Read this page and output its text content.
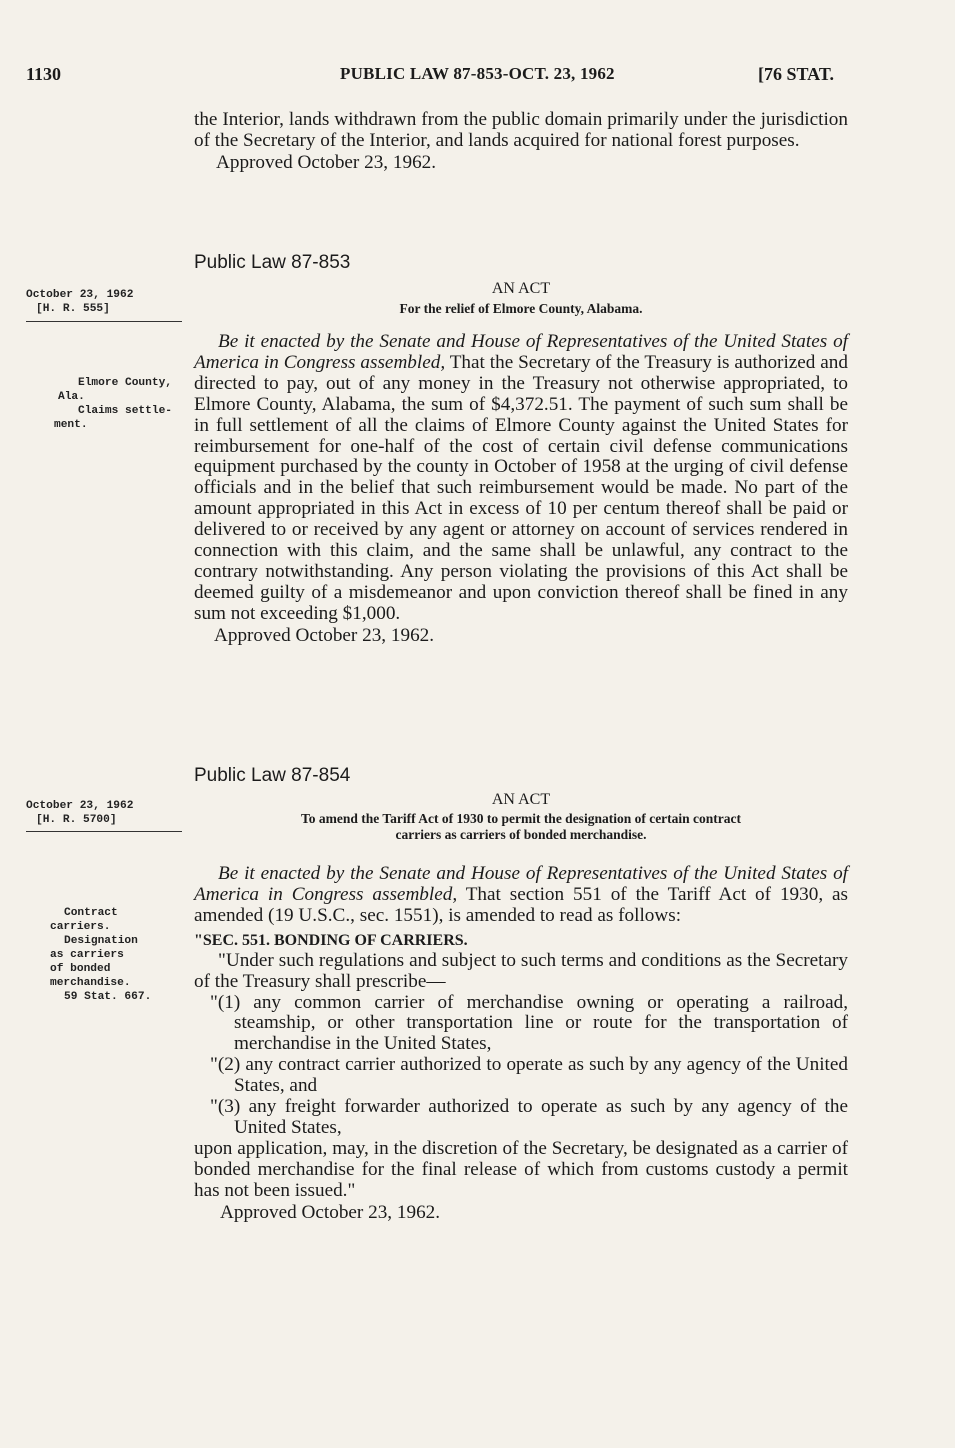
1130	PUBLIC LAW 87-853-OCT. 23, 1962	[76 STAT.

the Interior, lands withdrawn from the public domain primarily under the jurisdiction of the Secretary of the Interior, and lands acquired for national forest purposes.

Approved October 23, 1962.

October 23, 1962
[H. R. 555]

Public Law 87-853

AN ACT

For the relief of Elmore County, Alabama.

Be it enacted by the Senate and House of Representatives of the United States of America in Congress assembled, That the Secretary of the Treasury is authorized and directed to pay, out of any money in the Treasury not otherwise appropriated, to Elmore County, Alabama, the sum of $4,372.51. The payment of such sum shall be in full settlement of all the claims of Elmore County against the United States for reimbursement for one-half of the cost of certain civil defense communications equipment purchased by the county in October of 1958 at the urging of civil defense officials and in the belief that such reimbursement would be made. No part of the amount appropriated in this Act in excess of 10 per centum thereof shall be paid or delivered to or received by any agent or attorney on account of services rendered in connection with this claim, and the same shall be unlawful, any contract to the contrary notwithstanding. Any person violating the provisions of this Act shall be deemed guilty of a misdemeanor and upon conviction thereof shall be fined in any sum not exceeding $1,000.

Approved October 23, 1962.

Elmore County,
Ala.
Claims settle-
ment.
October 23, 1962
[H. R. 5700]

Public Law 87-854

AN ACT

To amend the Tariff Act of 1930 to permit the designation of certain contract

carriers as carriers of bonded merchandise.

Be it enacted by the Senate and House of Representatives of the United States of America in Congress assembled, That section 551 of the Tariff Act of 1930, as amended (19 U.S.C., sec. 1551), is amended to read as follows:

"SEC. 551. BONDING OF CARRIERS.

"Under such regulations and subject to such terms and conditions as the Secretary of the Treasury shall prescribe—

"(1) any common carrier of merchandise owning or operating a railroad, steamship, or other transportation line or route for the transportation of merchandise in the United States,

"(2) any contract carrier authorized to operate as such by any agency of the United States, and

"(3) any freight forwarder authorized to operate as such by any agency of the United States,

upon application, may, in the discretion of the Secretary, be designated as a carrier of bonded merchandise for the final release of which from customs custody a permit has not been issued."

Approved October 23, 1962.

Contract
carriers.
Designation
as carriers
of bonded
merchandise.
59 Stat. 667.
